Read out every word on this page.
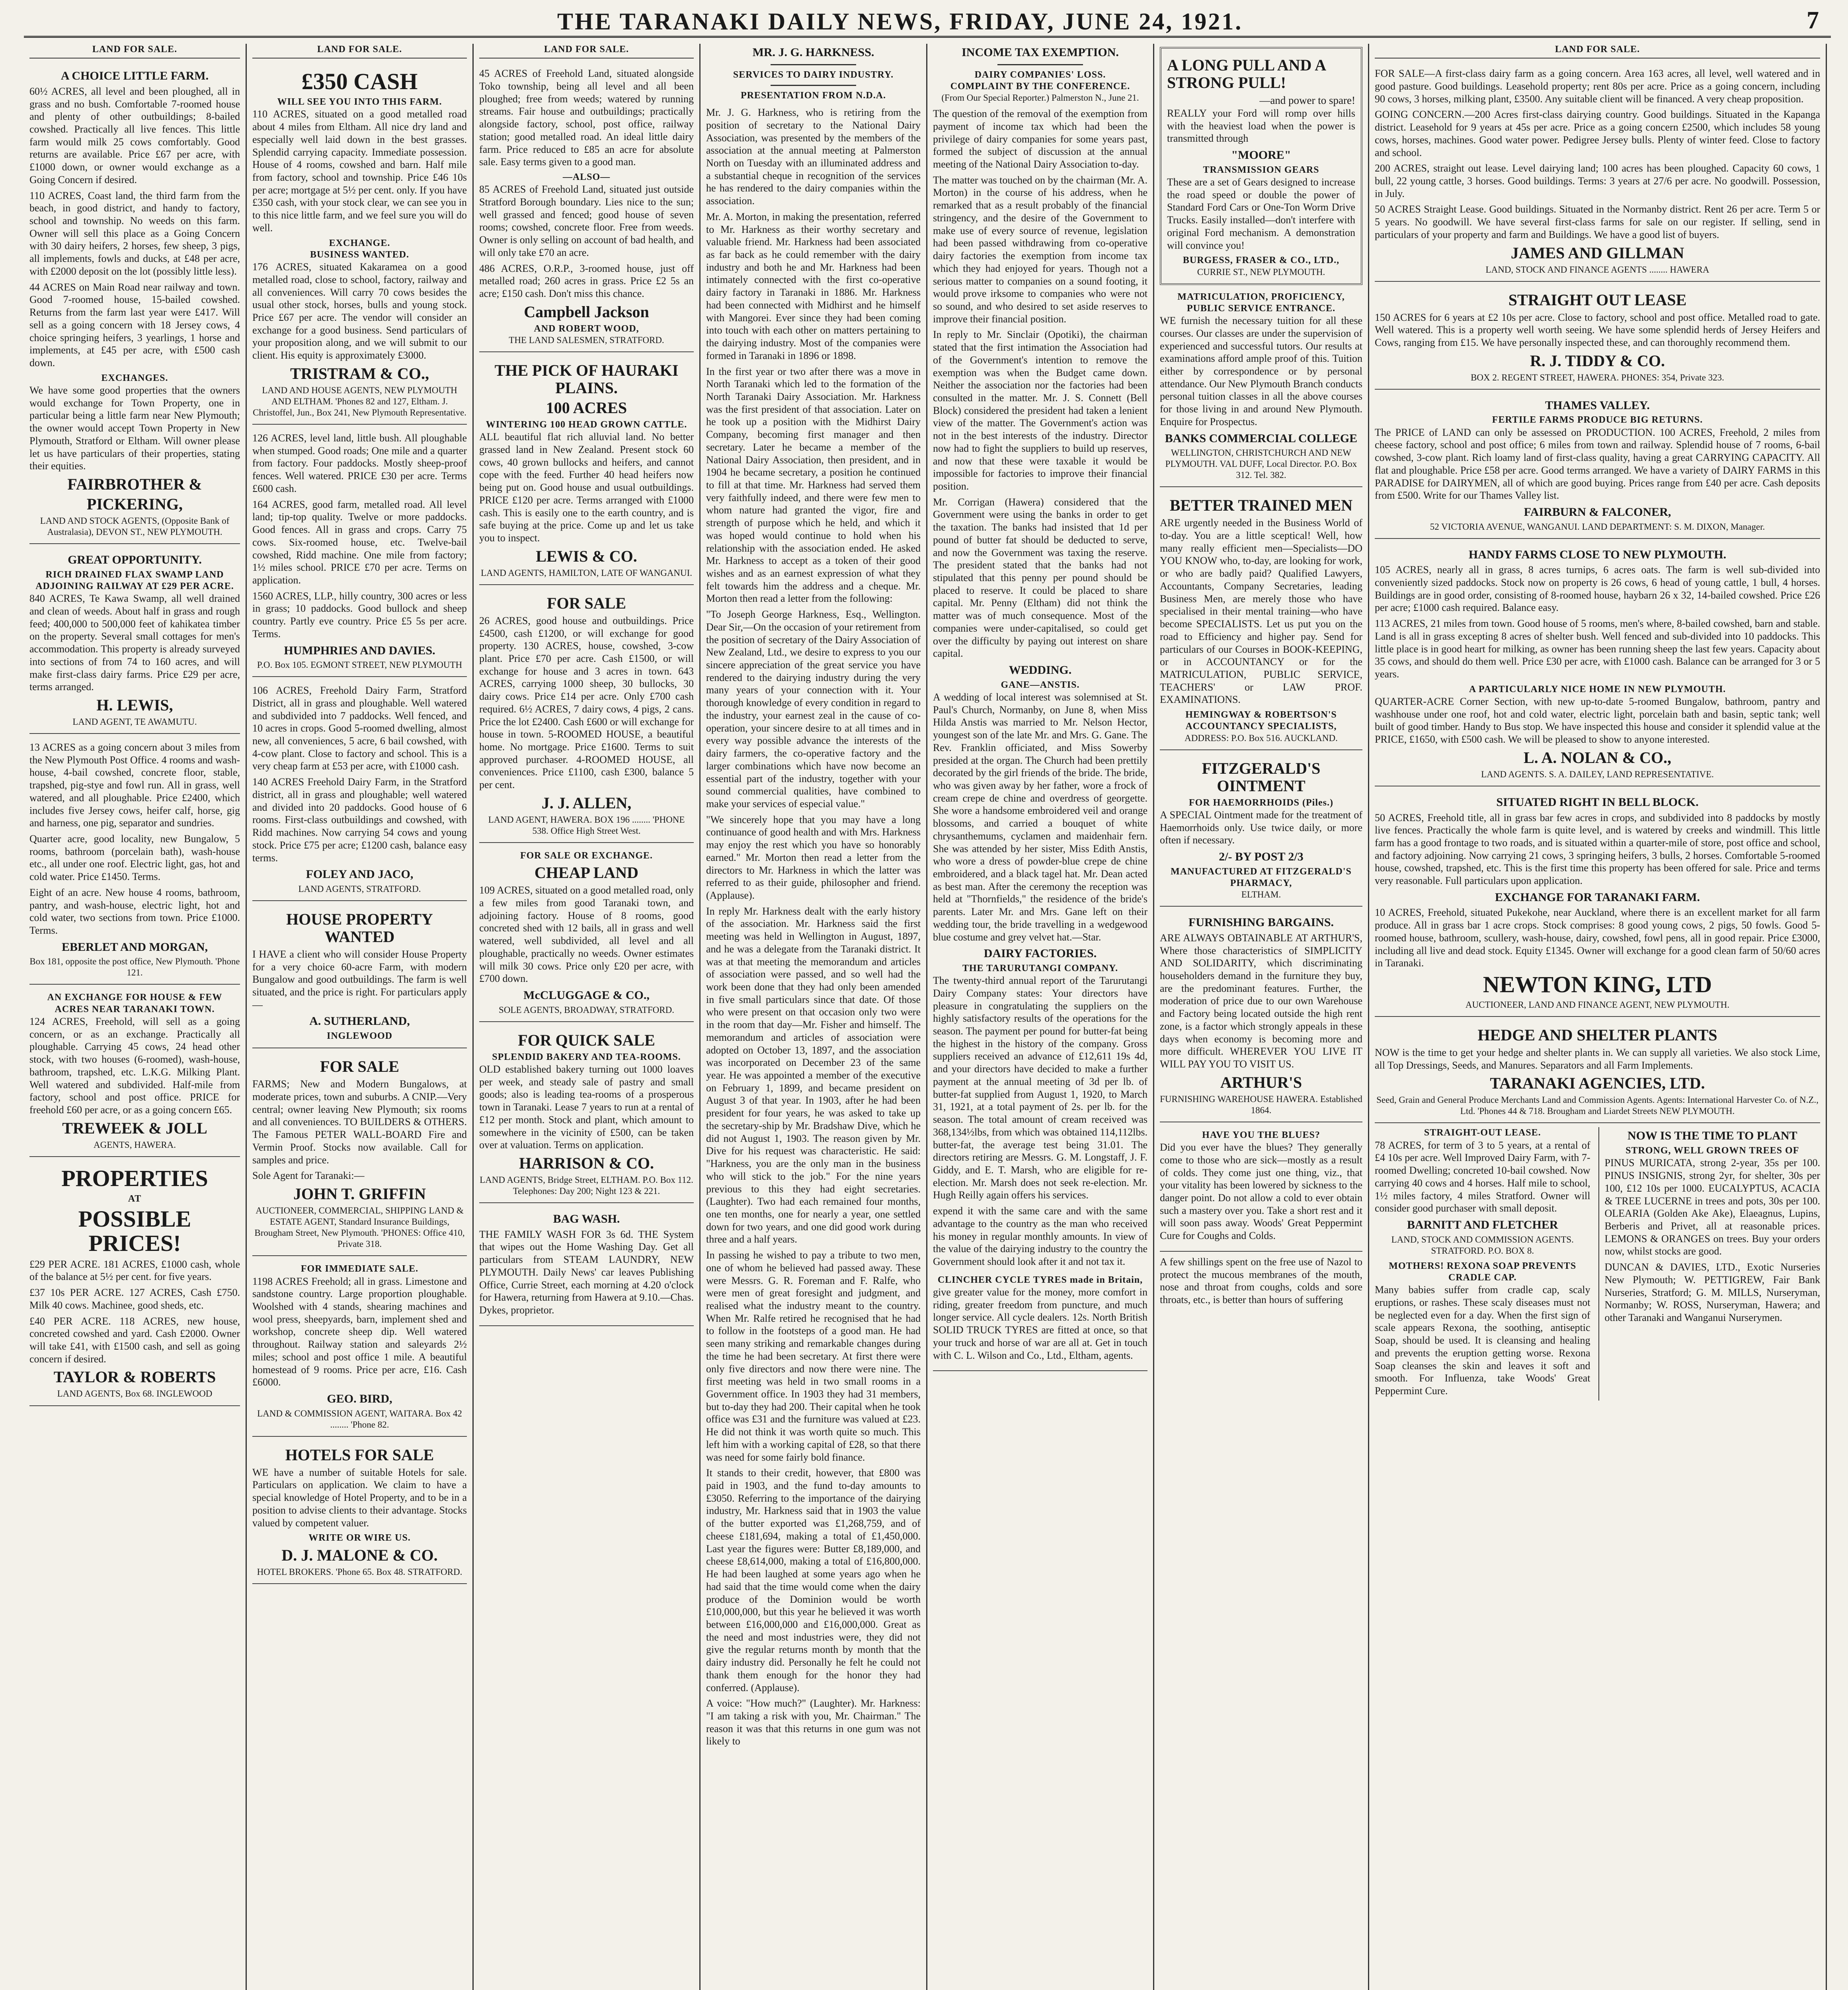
THE TARANAKI DAILY NEWS, FRIDAY, JUNE 24, 1921.	7
LAND FOR SALE.
A CHOICE LITTLE FARM.

60½ ACRES, all level and been ploughed, all in grass and no bush. Comfortable 7-roomed house and plenty of other outbuildings; 8-bailed cowshed. Practically all live fences. This little farm would milk 25 cows comfortably. Good returns are available. Price £67 per acre, with £1000 down, or owner would exchange as a Going Concern if desired.

110 ACRES, Coast land, the third farm from the beach, in good district, and handy to factory, school and township. No weeds on this farm. Owner will sell this place as a Going Concern with 30 dairy heifers, 2 horses, few sheep, 3 pigs, all implements, fowls and ducks, at £48 per acre, with £2000 deposit on the lot (possibly little less).

44 ACRES on Main Road near railway and town. Good 7-roomed house, 15-bailed cowshed. Returns from the farm last year were £417. Will sell as a going concern with 18 Jersey cows, 4 choice springing heifers, 3 yearlings, 1 horse and implements, at £45 per acre, with £500 cash down.

EXCHANGES.

We have some good properties that the owners would exchange for Town Property, one in particular being a little farm near New Plymouth; the owner would accept Town Property in New Plymouth, Stratford or Eltham. Will owner please let us have particulars of their properties, stating their equities.

FAIRBROTHER &
PICKERING,
LAND AND STOCK AGENTS, (Opposite Bank of Australasia), DEVON ST., NEW PLYMOUTH.
GREAT OPPORTUNITY.
RICH DRAINED FLAX SWAMP LAND ADJOINING RAILWAY AT £29 PER ACRE.

840 ACRES, Te Kawa Swamp, all well drained and clean of weeds. About half in grass and rough feed; 400,000 to 500,000 feet of kahikatea timber on the property. Several small cottages for men's accommodation. This property is already surveyed into sections of from 74 to 160 acres, and will make first-class dairy farms. Price £29 per acre, terms arranged.

H. LEWIS,
LAND AGENT, TE AWAMUTU.

13 ACRES as a going concern about 3 miles from the New Plymouth Post Office. 4 rooms and wash-house, 4-bail cowshed, concrete floor, stable, trapshed, pig-stye and fowl run. All in grass, well watered, and all ploughable. Price £2400, which includes five Jersey cows, heifer calf, horse, gig and harness, one pig, separator and sundries.

Quarter acre, good locality, new Bungalow, 5 rooms, bathroom (porcelain bath), wash-house etc., all under one roof. Electric light, gas, hot and cold water. Price £1450. Terms.

Eight of an acre. New house 4 rooms, bathroom, pantry, and wash-house, electric light, hot and cold water, two sections from town. Price £1000. Terms.

EBERLET AND MORGAN,
Box 181, opposite the post office, New Plymouth. 'Phone 121.
AN EXCHANGE FOR HOUSE & FEW ACRES NEAR TARANAKI TOWN.

124 ACRES, Freehold, will sell as a going concern, or as an exchange. Practically all ploughable. Carrying 45 cows, 24 head other stock, with two houses (6-roomed), wash-house, bathroom, trapshed, etc. L.K.G. Milking Plant. Well watered and subdivided. Half-mile from factory, school and post office. PRICE for freehold £60 per acre, or as a going concern £65.

TREWEEK & JOLL
AGENTS, HAWERA.
PROPERTIES
AT
POSSIBLE PRICES!

£29 PER ACRE. 181 ACRES, £1000 cash, whole of the balance at 5½ per cent. for five years.

£37 10s PER ACRE. 127 ACRES, Cash £750. Milk 40 cows. Machinee, good sheds, etc.

£40 PER ACRE. 118 ACRES, new house, concreted cowshed and yard. Cash £2000. Owner will take £41, with £1500 cash, and sell as going concern if desired.

TAYLOR & ROBERTS
LAND AGENTS, Box 68. INGLEWOOD
LAND FOR SALE.
£350 CASH
WILL SEE YOU INTO THIS FARM.

110 ACRES, situated on a good metalled road about 4 miles from Eltham. All nice dry land and especially well laid down in the best grasses. Splendid carrying capacity. Immediate possession. House of 4 rooms, cowshed and barn. Half mile from factory, school and township. Price £46 10s per acre; mortgage at 5½ per cent. only. If you have £350 cash, with your stock clear, we can see you in to this nice little farm, and we feel sure you will do well.

EXCHANGE.
BUSINESS WANTED.

176 ACRES, situated Kakaramea on a good metalled road, close to school, factory, railway and all conveniences. Will carry 70 cows besides the usual other stock, horses, bulls and young stock. Price £67 per acre. The vendor will consider an exchange for a good business. Send particulars of your proposition along, and we will submit to our client. His equity is approximately £3000.

TRISTRAM & CO.,
LAND AND HOUSE AGENTS, NEW PLYMOUTH AND ELTHAM. 'Phones 82 and 127, Eltham. J. Christoffel, Jun., Box 241, New Plymouth Representative.

126 ACRES, level land, little bush. All ploughable when stumped. Good roads; One mile and a quarter from factory. Four paddocks. Mostly sheep-proof fences. Well watered. PRICE £30 per acre. Terms £600 cash.

164 ACRES, good farm, metalled road. All level land; tip-top quality. Twelve or more paddocks. Good fences. All in grass and crops. Carry 75 cows. Six-roomed house, etc. Twelve-bail cowshed, Ridd machine. One mile from factory; 1½ miles school. PRICE £70 per acre. Terms on application.

1560 ACRES, LLP., hilly country, 300 acres or less in grass; 10 paddocks. Good bullock and sheep country. Partly eve country. Price £5 5s per acre. Terms.

HUMPHRIES AND DAVIES.
P.O. Box 105. EGMONT STREET, NEW PLYMOUTH

106 ACRES, Freehold Dairy Farm, Stratford District, all in grass and ploughable. Well watered and subdivided into 7 paddocks. Well fenced, and 10 acres in crops. Good 5-roomed dwelling, almost new, all conveniences, 5 acre, 6 bail cowshed, with 4-cow plant. Close to factory and school. This is a very cheap farm at £53 per acre, with £1000 cash.

140 ACRES Freehold Dairy Farm, in the Stratford district, all in grass and ploughable; well watered and divided into 20 paddocks. Good house of 6 rooms. First-class outbuildings and cowshed, with Ridd machines. Now carrying 54 cows and young stock. Price £75 per acre; £1200 cash, balance easy terms.

FOLEY AND JACO,
LAND AGENTS, STRATFORD.
HOUSE PROPERTY WANTED

I HAVE a client who will consider House Property for a very choice 60-acre Farm, with modern Bungalow and good outbuildings. The farm is well situated, and the price is right. For particulars apply—

A. SUTHERLAND,
INGLEWOOD
FOR SALE

FARMS; New and Modern Bungalows, at moderate prices, town and suburbs. A CNIP.—Very central; owner leaving New Plymouth; six rooms and all conveniences. TO BUILDERS & OTHERS. The Famous PETER WALL-BOARD Fire and Vermin Proof. Stocks now available. Call for samples and price.

Sole Agent for Taranaki:—

JOHN T. GRIFFIN
AUCTIONEER, COMMERCIAL, SHIPPING LAND & ESTATE AGENT, Standard Insurance Buildings, Brougham Street, New Plymouth. 'PHONES: Office 410, Private 318.
FOR IMMEDIATE SALE.

1198 ACRES Freehold; all in grass. Limestone and sandstone country. Large proportion ploughable. Woolshed with 4 stands, shearing machines and wool press, sheepyards, barn, implement shed and workshop, concrete sheep dip. Well watered throughout. Railway station and saleyards 2½ miles; school and post office 1 mile. A beautiful homestead of 9 rooms. Price per acre, £16. Cash £6000.

GEO. BIRD,
LAND & COMMISSION AGENT, WAITARA. Box 42 ........ 'Phone 82.
HOTELS FOR SALE

WE have a number of suitable Hotels for sale. Particulars on application. We claim to have a special knowledge of Hotel Property, and to be in a position to advise clients to their advantage. Stocks valued by competent valuer.

WRITE OR WIRE US.
D. J. MALONE & CO.
HOTEL BROKERS. 'Phone 65. Box 48. STRATFORD.
LAND FOR SALE.

45 ACRES of Freehold Land, situated alongside Toko township, being all level and all been ploughed; free from weeds; watered by running streams. Fair house and outbuildings; practically alongside factory, school, post office, railway station; good metalled road. An ideal little dairy farm. Price reduced to £85 an acre for absolute sale. Easy terms given to a good man.

—ALSO—

85 ACRES of Freehold Land, situated just outside Stratford Borough boundary. Lies nice to the sun; well grassed and fenced; good house of seven rooms; cowshed, concrete floor. Free from weeds. Owner is only selling on account of bad health, and will only take £70 an acre.

486 ACRES, O.R.P., 3-roomed house, just off metalled road; 260 acres in grass. Price £2 5s an acre; £150 cash. Don't miss this chance.

Campbell Jackson
AND ROBERT WOOD,
THE LAND SALESMEN, STRATFORD.
THE PICK OF HAURAKI PLAINS.
100 ACRES
WINTERING 100 HEAD GROWN CATTLE.

ALL beautiful flat rich alluvial land. No better grassed land in New Zealand. Present stock 60 cows, 40 grown bullocks and heifers, and cannot cope with the feed. Further 40 head heifers now being put on. Good house and usual outbuildings. PRICE £120 per acre. Terms arranged with £1000 cash. This is easily one to the earth country, and is safe buying at the price. Come up and let us take you to inspect.

LEWIS & CO.
LAND AGENTS, HAMILTON, LATE OF WANGANUI.
FOR SALE

26 ACRES, good house and outbuildings. Price £4500, cash £1200, or will exchange for good property. 130 ACRES, house, cowshed, 3-cow plant. Price £70 per acre. Cash £1500, or will exchange for house and 3 acres in town. 643 ACRES, carrying 1000 sheep, 30 bullocks, 30 dairy cows. Price £14 per acre. Only £700 cash required. 6½ ACRES, 7 dairy cows, 4 pigs, 2 cans. Price the lot £2400. Cash £600 or will exchange for house in town. 5-ROOMED HOUSE, a beautiful home. No mortgage. Price £1600. Terms to suit approved purchaser. 4-ROOMED HOUSE, all conveniences. Price £1100, cash £300, balance 5 per cent.

J. J. ALLEN,
LAND AGENT, HAWERA. BOX 196 ........ 'PHONE 538. Office High Street West.
FOR SALE OR EXCHANGE.
CHEAP LAND

109 ACRES, situated on a good metalled road, only a few miles from good Taranaki town, and adjoining factory. House of 8 rooms, good concreted shed with 12 bails, all in grass and well watered, well subdivided, all level and all ploughable, practically no weeds. Owner estimates will milk 30 cows. Price only £20 per acre, with £700 down.

McCLUGGAGE & CO.,
SOLE AGENTS, BROADWAY, STRATFORD.
FOR QUICK SALE
SPLENDID BAKERY AND TEA-ROOMS.

OLD established bakery turning out 1000 loaves per week, and steady sale of pastry and small goods; also is leading tea-rooms of a prosperous town in Taranaki. Lease 7 years to run at a rental of £12 per month. Stock and plant, which amount to somewhere in the vicinity of £500, can be taken over at valuation. Terms on application.

HARRISON & CO.
LAND AGENTS, Bridge Street, ELTHAM. P.O. Box 112. Telephones: Day 200; Night 123 & 221.
BAG WASH.

THE FAMILY WASH FOR 3s 6d. THE System that wipes out the Home Washing Day. Get all particulars from STEAM LAUNDRY, NEW PLYMOUTH. Daily News' car leaves Publishing Office, Currie Street, each morning at 4.20 o'clock for Hawera, returning from Hawera at 9.10.—Chas. Dykes, proprietor.

MR. J. G. HARKNESS.
SERVICES TO DAIRY INDUSTRY.
PRESENTATION FROM N.D.A.

Mr. J. G. Harkness, who is retiring from the position of secretary to the National Dairy Association, was presented by the members of the association at the annual meeting at Palmerston North on Tuesday with an illuminated address and a substantial cheque in recognition of the services he has rendered to the dairy companies within the association.

Mr. A. Morton, in making the presentation, referred to Mr. Harkness as their worthy secretary and valuable friend. Mr. Harkness had been associated as far back as he could remember with the dairy industry and both he and Mr. Harkness had been intimately connected with the first co-operative dairy factory in Taranaki in 1886. Mr. Harkness had been connected with Midhirst and he himself with Mangorei. Ever since they had been coming into touch with each other on matters pertaining to the dairying industry. Most of the companies were formed in Taranaki in 1896 or 1898.

In the first year or two after there was a move in North Taranaki which led to the formation of the North Taranaki Dairy Association. Mr. Harkness was the first president of that association. Later on he took up a position with the Midhirst Dairy Company, becoming first manager and then secretary. Later he became a member of the National Dairy Association, then president, and in 1904 he became secretary, a position he continued to fill at that time. Mr. Harkness had served them very faithfully indeed, and there were few men to whom nature had granted the vigor, fire and strength of purpose which he held, and which it was hoped would continue to hold when his relationship with the association ended. He asked Mr. Harkness to accept as a token of their good wishes and as an earnest expression of what they felt towards him the address and a cheque. Mr. Morton then read a letter from the following:

"To Joseph George Harkness, Esq., Wellington. Dear Sir,—On the occasion of your retirement from the position of secretary of the Dairy Association of New Zealand, Ltd., we desire to express to you our sincere appreciation of the great service you have rendered to the dairying industry during the very many years of your connection with it. Your thorough knowledge of every condition in regard to the industry, your earnest zeal in the cause of co-operation, your sincere desire to at all times and in every way possible advance the interests of the dairy farmers, the co-operative factory and the larger combinations which have now become an essential part of the industry, together with your sound commercial qualities, have combined to make your services of especial value."

"We sincerely hope that you may have a long continuance of good health and with Mrs. Harkness may enjoy the rest which you have so honorably earned." Mr. Morton then read a letter from the directors to Mr. Harkness in which the latter was referred to as their guide, philosopher and friend. (Applause).

In reply Mr. Harkness dealt with the early history of the association. Mr. Harkness said the first meeting was held in Wellington in August, 1897, and he was a delegate from the Taranaki district. It was at that meeting the memorandum and articles of association were passed, and so well had the work been done that they had only been amended in five small particulars since that date. Of those who were present on that occasion only two were in the room that day—Mr. Fisher and himself. The memorandum and articles of association were adopted on October 13, 1897, and the association was incorporated on December 23 of the same year. He was appointed a member of the executive on February 1, 1899, and became president on August 3 of that year. In 1903, after he had been president for four years, he was asked to take up the secretary-ship by Mr. Bradshaw Dive, which he did not August 1, 1903. The reason given by Mr. Dive for his request was characteristic. He said: "Harkness, you are the only man in the business who will stick to the job." For the nine years previous to this they had eight secretaries. (Laughter). Two had each remained four months, one ten months, one for nearly a year, one settled down for two years, and one did good work during three and a half years.

In passing he wished to pay a tribute to two men, one of whom he believed had passed away. These were Messrs. G. R. Foreman and F. Ralfe, who were men of great foresight and judgment, and realised what the industry meant to the country. When Mr. Ralfe retired he recognised that he had to follow in the footsteps of a good man. He had seen many striking and remarkable changes during the time he had been secretary. At first there were only five directors and now there were nine. The first meeting was held in two small rooms in a Government office. In 1903 they had 31 members, but to-day they had 200. Their capital when he took office was £31 and the furniture was valued at £23. He did not think it was worth quite so much. This left him with a working capital of £28, so that there was need for some fairly bold finance.

It stands to their credit, however, that £800 was paid in 1903, and the fund to-day amounts to £3050. Referring to the importance of the dairying industry, Mr. Harkness said that in 1903 the value of the butter exported was £1,268,759, and of cheese £181,694, making a total of £1,450,000. Last year the figures were: Butter £8,189,000, and cheese £8,614,000, making a total of £16,800,000. He had been laughed at some years ago when he had said that the time would come when the dairy produce of the Dominion would be worth £10,000,000, but this year he believed it was worth between £16,000,000 and £16,000,000. Great as the need and most industries were, they did not give the regular returns month by month that the dairy industry did. Personally he felt he could not thank them enough for the honor they had conferred. (Applause).

A voice: "How much?" (Laughter). Mr. Harkness: "I am taking a risk with you, Mr. Chairman." The reason it was that this returns in one gum was not likely to

INCOME TAX EXEMPTION.
DAIRY COMPANIES' LOSS.
COMPLAINT BY THE CONFERENCE.
(From Our Special Reporter.) Palmerston N., June 21.

The question of the removal of the exemption from payment of income tax which had been the privilege of dairy companies for some years past, formed the subject of discussion at the annual meeting of the National Dairy Association to-day.

The matter was touched on by the chairman (Mr. A. Morton) in the course of his address, when he remarked that as a result probably of the financial stringency, and the desire of the Government to make use of every source of revenue, legislation had been passed withdrawing from co-operative dairy factories the exemption from income tax which they had enjoyed for years. Though not a serious matter to companies on a sound footing, it would prove irksome to companies who were not so sound, and who desired to set aside reserves to improve their financial position.

In reply to Mr. Sinclair (Opotiki), the chairman stated that the first intimation the Association had of the Government's intention to remove the exemption was when the Budget came down. Neither the association nor the factories had been consulted in the matter. Mr. J. S. Connett (Bell Block) considered the president had taken a lenient view of the matter. The Government's action was not in the best interests of the industry. Director now had to fight the suppliers to build up reserves, and now that these were taxable it would be impossible for factories to improve their financial position.

Mr. Corrigan (Hawera) considered that the Government were using the banks in order to get the taxation. The banks had insisted that 1d per pound of butter fat should be deducted to serve, and now the Government was taxing the reserve. The president stated that the banks had not stipulated that this penny per pound should be placed to reserve. It could be placed to share capital. Mr. Penny (Eltham) did not think the matter was of much consequence. Most of the companies were under-capitalised, so could get over the difficulty by paying out interest on share capital.

WEDDING.
GANE—ANSTIS.

A wedding of local interest was solemnised at St. Paul's Church, Normanby, on June 8, when Miss Hilda Anstis was married to Mr. Nelson Hector, youngest son of the late Mr. and Mrs. G. Gane. The Rev. Franklin officiated, and Miss Sowerby presided at the organ. The Church had been prettily decorated by the girl friends of the bride. The bride, who was given away by her father, wore a frock of cream crepe de chine and overdress of georgette. She wore a handsome embroidered veil and orange blossoms, and carried a bouquet of white chrysanthemums, cyclamen and maidenhair fern. She was attended by her sister, Miss Edith Anstis, who wore a dress of powder-blue crepe de chine embroidered, and a black tagel hat. Mr. Dean acted as best man. After the ceremony the reception was held at "Thornfields," the residence of the bride's parents. Later Mr. and Mrs. Gane left on their wedding tour, the bride travelling in a wedgewood blue costume and grey velvet hat.—Star.

DAIRY FACTORIES.
THE TARURUTANGI COMPANY.

The twenty-third annual report of the Tarurutangi Dairy Company states: Your directors have pleasure in congratulating the suppliers on the highly satisfactory results of the operations for the season. The payment per pound for butter-fat being the highest in the history of the company. Gross suppliers received an advance of £12,611 19s 4d, and your directors have decided to make a further payment at the annual meeting of 3d per lb. of butter-fat supplied from August 1, 1920, to March 31, 1921, at a total payment of 2s. per lb. for the season. The total amount of cream received was 368,134½lbs, from which was obtained 114,112lbs. butter-fat, the average test being 31.01. The directors retiring are Messrs. G. M. Longstaff, J. F. Giddy, and E. T. Marsh, who are eligible for re-election. Mr. Marsh does not seek re-election. Mr. Hugh Reilly again offers his services.

expend it with the same care and with the same advantage to the country as the man who received his money in regular monthly amounts. In view of the value of the dairying industry to the country the Government should look after it and not tax it.

CLINCHER CYCLE TYRES made in Britain,

give greater value for the money, more comfort in riding, greater freedom from puncture, and much longer service. All cycle dealers. 12s. North British SOLID TRUCK TYRES are fitted at once, so that your truck and horse of war are all at. Get in touch with C. L. Wilson and Co., Ltd., Eltham, agents.

A LONG PULL AND A STRONG PULL!
—and power to spare!

REALLY your Ford will romp over hills with the heaviest load when the power is transmitted through

"MOORE"
TRANSMISSION GEARS

These are a set of Gears designed to increase the road speed or double the power of Standard Ford Cars or One-Ton Worm Drive Trucks. Easily installed—don't interfere with original Ford mechanism. A demonstration will convince you!

BURGESS, FRASER & CO., LTD.,
CURRIE ST., NEW PLYMOUTH.
MATRICULATION, PROFICIENCY, PUBLIC SERVICE ENTRANCE.

WE furnish the necessary tuition for all these courses. Our classes are under the supervision of experienced and successful tutors. Our results at examinations afford ample proof of this. Tuition either by correspondence or by personal attendance. Our New Plymouth Branch conducts personal tuition classes in all the above courses for those living in and around New Plymouth. Enquire for Prospectus.

BANKS COMMERCIAL COLLEGE
WELLINGTON, CHRISTCHURCH AND NEW PLYMOUTH. VAL DUFF, Local Director. P.O. Box 312. Tel. 382.
BETTER TRAINED MEN

ARE urgently needed in the Business World of to-day. You are a little sceptical! Well, how many really efficient men—Specialists—DO YOU KNOW who, to-day, are looking for work, or who are badly paid? Qualified Lawyers, Accountants, Company Secretaries, leading Business Men, are merely those who have specialised in their mental training—who have become SPECIALISTS. Let us put you on the road to Efficiency and higher pay. Send for particulars of our Courses in BOOK-KEEPING, or in ACCOUNTANCY or for the MATRICULATION, PUBLIC SERVICE, TEACHERS' or LAW PROF. EXAMINATIONS.

HEMINGWAY & ROBERTSON'S ACCOUNTANCY SPECIALISTS,
ADDRESS: P.O. Box 516. AUCKLAND.
FITZGERALD'S OINTMENT
FOR HAEMORRHOIDS (Piles.)

A SPECIAL Ointment made for the treatment of Haemorrhoids only. Use twice daily, or more often if necessary.

2/- BY POST 2/3
MANUFACTURED AT FITZGERALD'S PHARMACY,
ELTHAM.
FURNISHING BARGAINS.

ARE ALWAYS OBTAINABLE AT ARTHUR'S, Where those characteristics of SIMPLICITY AND SOLIDARITY, which discriminating householders demand in the furniture they buy, are the predominant features. Further, the moderation of price due to our own Warehouse and Factory being located outside the high rent zone, is a factor which strongly appeals in these days when economy is becoming more and more difficult. WHEREVER YOU LIVE IT WILL PAY YOU TO VISIT US.

ARTHUR'S
FURNISHING WAREHOUSE HAWERA. Established 1864.
HAVE YOU THE BLUES?

Did you ever have the blues? They generally come to those who are sick—mostly as a result of colds. They come just one thing, viz., that your vitality has been lowered by sickness to the danger point. Do not allow a cold to ever obtain such a mastery over you. Take a short rest and it will soon pass away. Woods' Great Peppermint Cure for Coughs and Colds.

A few shillings spent on the free use of Nazol to protect the mucous membranes of the mouth, nose and throat from coughs, colds and sore throats, etc., is better than hours of suffering

LAND FOR SALE.

FOR SALE—A first-class dairy farm as a going concern. Area 163 acres, all level, well watered and in good pasture. Good buildings. Leasehold property; rent 80s per acre. Price as a going concern, including 90 cows, 3 horses, milking plant, £3500. Any suitable client will be financed. A very cheap proposition.

GOING CONCERN.—200 Acres first-class dairying country. Good buildings. Situated in the Kapanga district. Leasehold for 9 years at 45s per acre. Price as a going concern £2500, which includes 58 young cows, horses, machines. Good water power. Pedigree Jersey bulls. Plenty of winter feed. Close to factory and school.

200 ACRES, straight out lease. Level dairying land; 100 acres has been ploughed. Capacity 60 cows, 1 bull, 22 young cattle, 3 horses. Good buildings. Terms: 3 years at 27/6 per acre. No goodwill. Possession, in July.

50 ACRES Straight Lease. Good buildings. Situated in the Normanby district. Rent 26 per acre. Term 5 or 5 years. No goodwill. We have several first-class farms for sale on our register. If selling, send in particulars of your property and farm and Buildings. We have a good list of buyers.

JAMES AND GILLMAN
LAND, STOCK AND FINANCE AGENTS ........ HAWERA
STRAIGHT OUT LEASE

150 ACRES for 6 years at £2 10s per acre. Close to factory, school and post office. Metalled road to gate. Well watered. This is a property well worth seeing. We have some splendid herds of Jersey Heifers and Cows, ranging from £15. We have personally inspected these, and can thoroughly recommend them.

R. J. TIDDY & CO.
BOX 2. REGENT STREET, HAWERA. PHONES: 354, Private 323.
THAMES VALLEY.
FERTILE FARMS PRODUCE BIG RETURNS.

The PRICE of LAND can only be assessed on PRODUCTION. 100 ACRES, Freehold, 2 miles from cheese factory, school and post office; 6 miles from town and railway. Splendid house of 7 rooms, 6-bail cowshed, 3-cow plant. Rich loamy land of first-class quality, having a great CARRYING CAPACITY. All flat and ploughable. Price £58 per acre. Good terms arranged. We have a variety of DAIRY FARMS in this PARADISE for DAIRYMEN, all of which are good buying. Prices range from £40 per acre. Cash deposits from £500. Write for our Thames Valley list.

FAIRBURN & FALCONER,
52 VICTORIA AVENUE, WANGANUI. LAND DEPARTMENT: S. M. DIXON, Manager.
HANDY FARMS CLOSE TO NEW PLYMOUTH.

105 ACRES, nearly all in grass, 8 acres turnips, 6 acres oats. The farm is well sub-divided into conveniently sized paddocks. Stock now on property is 26 cows, 6 head of young cattle, 1 bull, 4 horses. Buildings are in good order, consisting of 8-roomed house, haybarn 26 x 32, 14-bailed cowshed. Price £26 per acre; £1000 cash required. Balance easy.

113 ACRES, 21 miles from town. Good house of 5 rooms, men's where, 8-bailed cowshed, barn and stable. Land is all in grass excepting 8 acres of shelter bush. Well fenced and sub-divided into 10 paddocks. This little place is in good heart for milking, as owner has been running sheep the last few years. Capacity about 35 cows, and should do them well. Price £30 per acre, with £1000 cash. Balance can be arranged for 3 or 5 years.

A PARTICULARLY NICE HOME IN NEW PLYMOUTH.

QUARTER-ACRE Corner Section, with new up-to-date 5-roomed Bungalow, bathroom, pantry and washhouse under one roof, hot and cold water, electric light, porcelain bath and basin, septic tank; well built of good timber. Handy to Bus stop. We have inspected this house and consider it splendid value at the PRICE, £1650, with £500 cash. We will be pleased to show to anyone interested.

L. A. NOLAN & CO.,
LAND AGENTS. S. A. DAILEY, LAND REPRESENTATIVE.
SITUATED RIGHT IN BELL BLOCK.

50 ACRES, Freehold title, all in grass bar few acres in crops, and subdivided into 8 paddocks by mostly live fences. Practically the whole farm is quite level, and is watered by creeks and windmill. This little farm has a good frontage to two roads, and is situated within a quarter-mile of store, post office and school, and factory adjoining. Now carrying 21 cows, 3 springing heifers, 3 bulls, 2 horses. Comfortable 5-roomed house, cowshed, trapshed, etc. This is the first time this property has been offered for sale. Price and terms very reasonable. Full particulars upon application.

EXCHANGE FOR TARANAKI FARM.

10 ACRES, Freehold, situated Pukekohe, near Auckland, where there is an excellent market for all farm produce. All in grass bar 1 acre crops. Stock comprises: 8 good young cows, 2 pigs, 50 fowls. Good 5-roomed house, bathroom, scullery, wash-house, dairy, cowshed, fowl pens, all in good repair. Price £3000, including all live and dead stock. Equity £1345. Owner will exchange for a good clean farm of 50/60 acres in Taranaki.

NEWTON KING, LTD
AUCTIONEER, LAND AND FINANCE AGENT, NEW PLYMOUTH.
HEDGE AND SHELTER PLANTS

NOW is the time to get your hedge and shelter plants in. We can supply all varieties. We also stock Lime, all Top Dressings, Seeds, and Manures. Separators and all Farm Implements.

TARANAKI AGENCIES, LTD.
Seed, Grain and General Produce Merchants Land and Commission Agents. Agents: International Harvester Co. of N.Z., Ltd. 'Phones 44 & 718. Brougham and Liardet Streets NEW PLYMOUTH.
STRAIGHT-OUT LEASE.

78 ACRES, for term of 3 to 5 years, at a rental of £4 10s per acre. Well Improved Dairy Farm, with 7-roomed Dwelling; concreted 10-bail cowshed. Now carrying 40 cows and 4 horses. Half mile to school, 1½ miles factory, 4 miles Stratford. Owner will consider good purchaser with small deposit.

BARNITT AND FLETCHER
LAND, STOCK AND COMMISSION AGENTS. STRATFORD. P.O. BOX 8.
MOTHERS! REXONA SOAP PREVENTS CRADLE CAP.

Many babies suffer from cradle cap, scaly eruptions, or rashes. These scaly diseases must not be neglected even for a day. When the first sign of scale appears Rexona, the soothing, antiseptic Soap, should be used. It is cleansing and healing and prevents the eruption getting worse. Rexona Soap cleanses the skin and leaves it soft and smooth. For Influenza, take Woods' Great Peppermint Cure.

NOW IS THE TIME TO PLANT
STRONG, WELL GROWN TREES OF

PINUS MURICATA, strong 2-year, 35s per 100. PINUS INSIGNIS, strong 2yr, for shelter, 30s per 100, £12 10s per 1000. EUCALYPTUS, ACACIA & TREE LUCERNE in trees and pots, 30s per 100. OLEARIA (Golden Ake Ake), Elaeagnus, Lupins, Berberis and Privet, all at reasonable prices. LEMONS & ORANGES on trees. Buy your orders now, whilst stocks are good.

DUNCAN & DAVIES, LTD., Exotic Nurseries New Plymouth; W. PETTIGREW, Fair Bank Nurseries, Stratford; G. M. MILLS, Nurseryman, Normanby; W. ROSS, Nurseryman, Hawera; and other Taranaki and Wanganui Nurserymen.
